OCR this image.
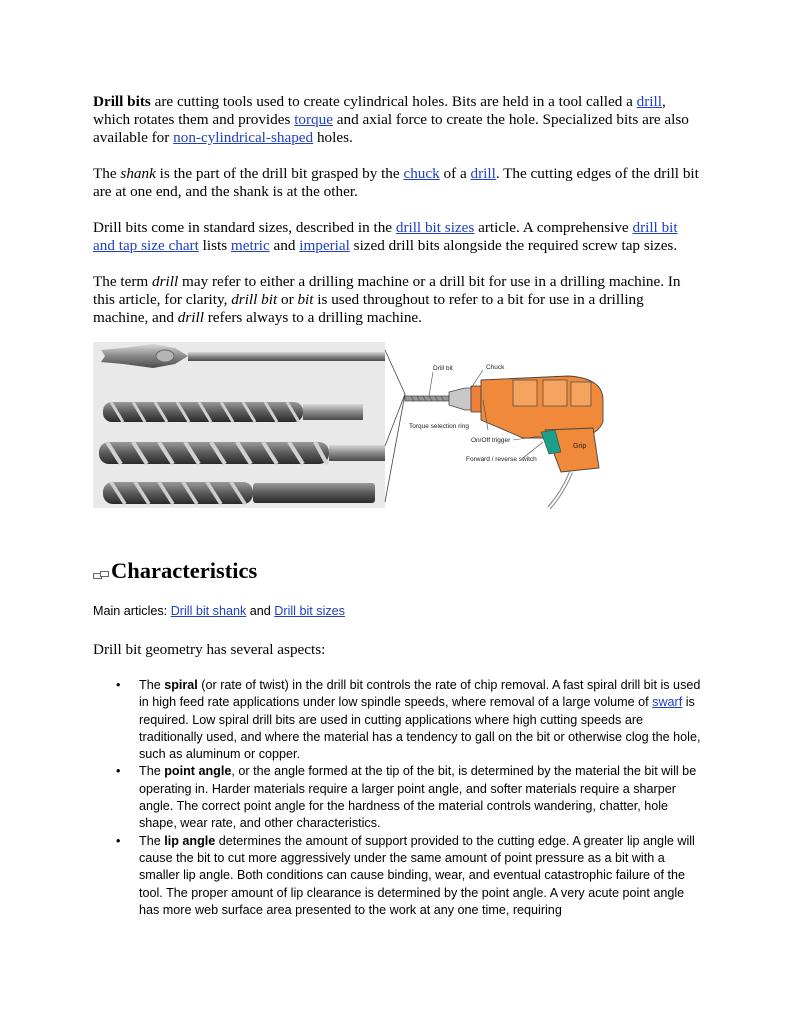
Drill bits are cutting tools used to create cylindrical holes. Bits are held in a tool called a drill, which rotates them and provides torque and axial force to create the hole. Specialized bits are also available for non-cylindrical-shaped holes.

The shank is the part of the drill bit grasped by the chuck of a drill. The cutting edges of the drill bit are at one end, and the shank is at the other.

Drill bits come in standard sizes, described in the drill bit sizes article. A comprehensive drill bit and tap size chart lists metric and imperial sized drill bits alongside the required screw tap sizes.

The term drill may refer to either a drilling machine or a drill bit for use in a drilling machine. In this article, for clarity, drill bit or bit is used throughout to refer to a bit for use in a drilling machine, and drill refers always to a drilling machine.

Drill bit	Chuck
Torque selection ring
On/Off trigger
Forward / reverse switch
Grip
Characteristics
Main articles: Drill bit shank and Drill bit sizes
Drill bit geometry has several aspects:
• The spiral (or rate of twist) in the drill bit controls the rate of chip removal. A fast spiral drill bit is used in high feed rate applications under low spindle speeds, where removal of a large volume of swarf is required. Low spiral drill bits are used in cutting applications where high cutting speeds are traditionally used, and where the material has a tendency to gall on the bit or otherwise clog the hole, such as aluminum or copper.
• The point angle, or the angle formed at the tip of the bit, is determined by the material the bit will be operating in. Harder materials require a larger point angle, and softer materials require a sharper angle. The correct point angle for the hardness of the material controls wandering, chatter, hole shape, wear rate, and other characteristics.
• The lip angle determines the amount of support provided to the cutting edge. A greater lip angle will cause the bit to cut more aggressively under the same amount of point pressure as a bit with a smaller lip angle. Both conditions can cause binding, wear, and eventual catastrophic failure of the tool. The proper amount of lip clearance is determined by the point angle. A very acute point angle has more web surface area presented to the work at any one time, requiring
